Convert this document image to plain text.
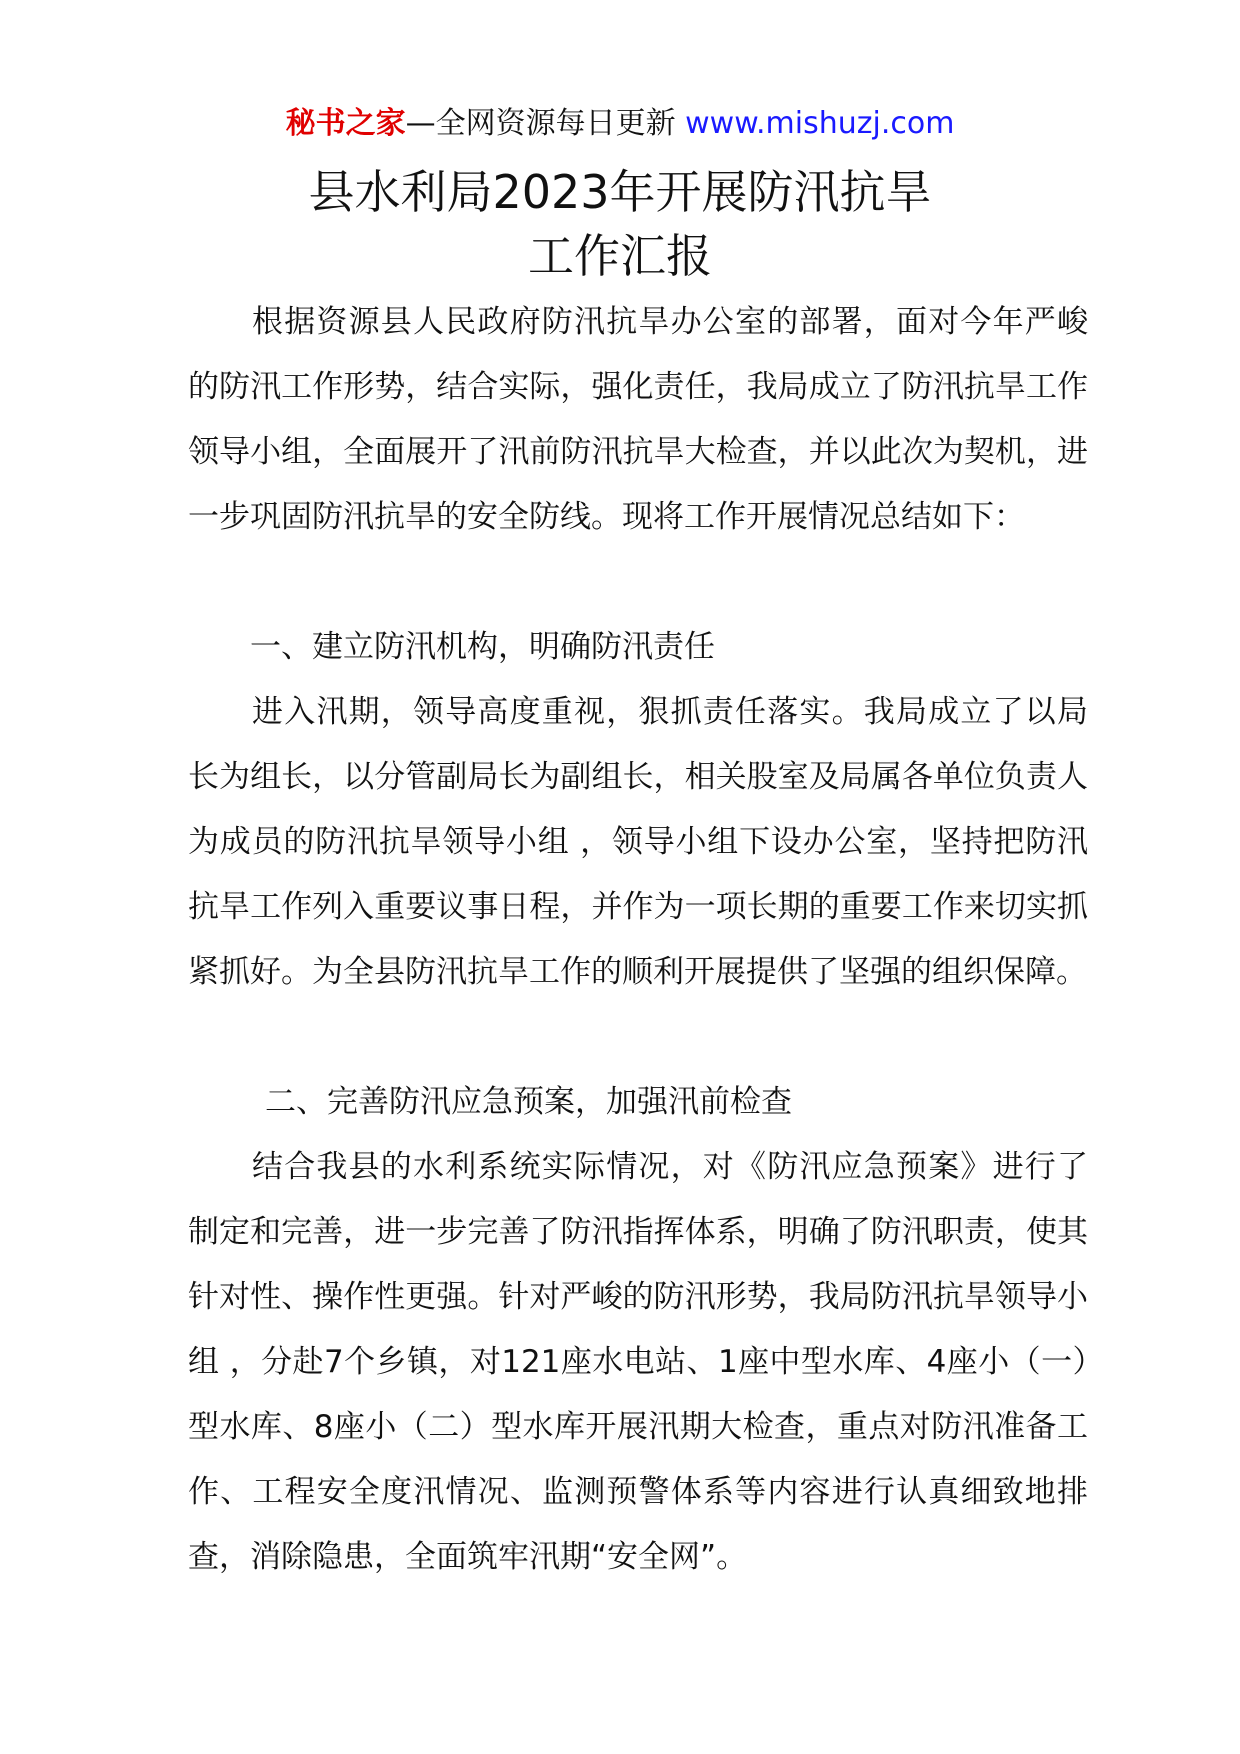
秘书之家—全网资源每日更新 www.mishuzj.com
县水利局2023年开展防汛抗旱
工作汇报
根据资源县人民政府防汛抗旱办公室的部署，面对今年严峻的防汛工作形势，结合实际，强化责任，我局成立了防汛抗旱工作领导小组，全面展开了汛前防汛抗旱大检查，并以此次为契机，进一步巩固防汛抗旱的安全防线。现将工作开展情况总结如下：
一、建立防汛机构，明确防汛责任
进入汛期，领导高度重视，狠抓责任落实。我局成立了以局长为组长，以分管副局长为副组长，相关股室及局属各单位负责人为成员的防汛抗旱领导小组 ，领导小组下设办公室，坚持把防汛抗旱工作列入重要议事日程，并作为一项长期的重要工作来切实抓紧抓好。为全县防汛抗旱工作的顺利开展提供了坚强的组织保障。
二、完善防汛应急预案，加强汛前检查
结合我县的水利系统实际情况，对《防汛应急预案》进行了制定和完善，进一步完善了防汛指挥体系，明确了防汛职责，使其针对性、操作性更强。针对严峻的防汛形势，我局防汛抗旱领导小组 ，分赴7个乡镇，对121座水电站、1座中型水库、4座小（一）型水库、8座小（二）型水库开展汛期大检查，重点对防汛准备工作、工程安全度汛情况、监测预警体系等内容进行认真细致地排查，消除隐患，全面筑牢汛期“安全网”。
